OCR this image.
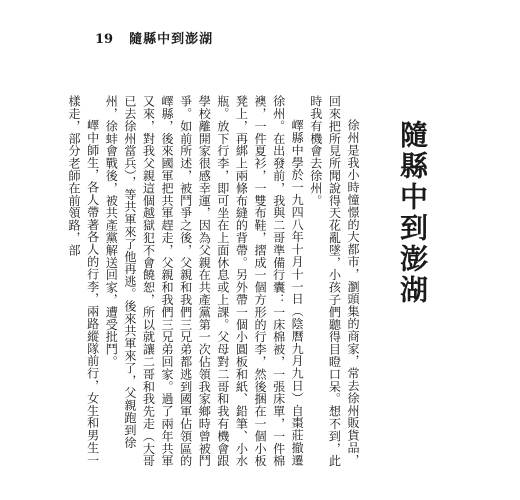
19 隨縣中到澎湖
隨縣中到澎湖

徐州是我小時憧憬的大都市，瀏頭集的商家，常去徐州販貨品，回來把所見所聞說得天花亂墜，小孩子們聽得目瞪口呆。想不到，此時我有機會去徐州。

嶧縣中學於一九四八年十月十一日（陰曆九月九日）自棗莊撤遷徐州。在出發前，我與二哥準備行囊：一床棉被，一張床單，一件棉襖，一件夏衫，一雙布鞋，摺成一個方形的行李，然後捆在一個小板凳上，再綁上兩條布縫的背帶。另外帶一個小圓板和紙、鉛筆、小水瓶。放下行李，即可坐在上面休息或上課。父母對二哥和我有機會跟學校離開家很感幸運，因為父親在共產黨第一次佔領我家鄉時曾被鬥爭。如前所述，被鬥爭之後，父親和我們三兄弟都逃到國軍佔領區的嶧縣，後來國軍把共軍趕走，父親和我們三兄弟回家。過了兩年共軍又來，對我父親這個越獄犯不會饒恕，所以就讓二哥和我先走（大哥已去徐州當兵），等共軍來了他再逃。後來共軍來了，父親跑到徐州，徐蚌會戰後，被共產黨解送回家，遭受批鬥。

嶧中師生，各人帶著各人的行李，兩路縱隊前行，女生和男生一樣走，部分老師在前領路，部
